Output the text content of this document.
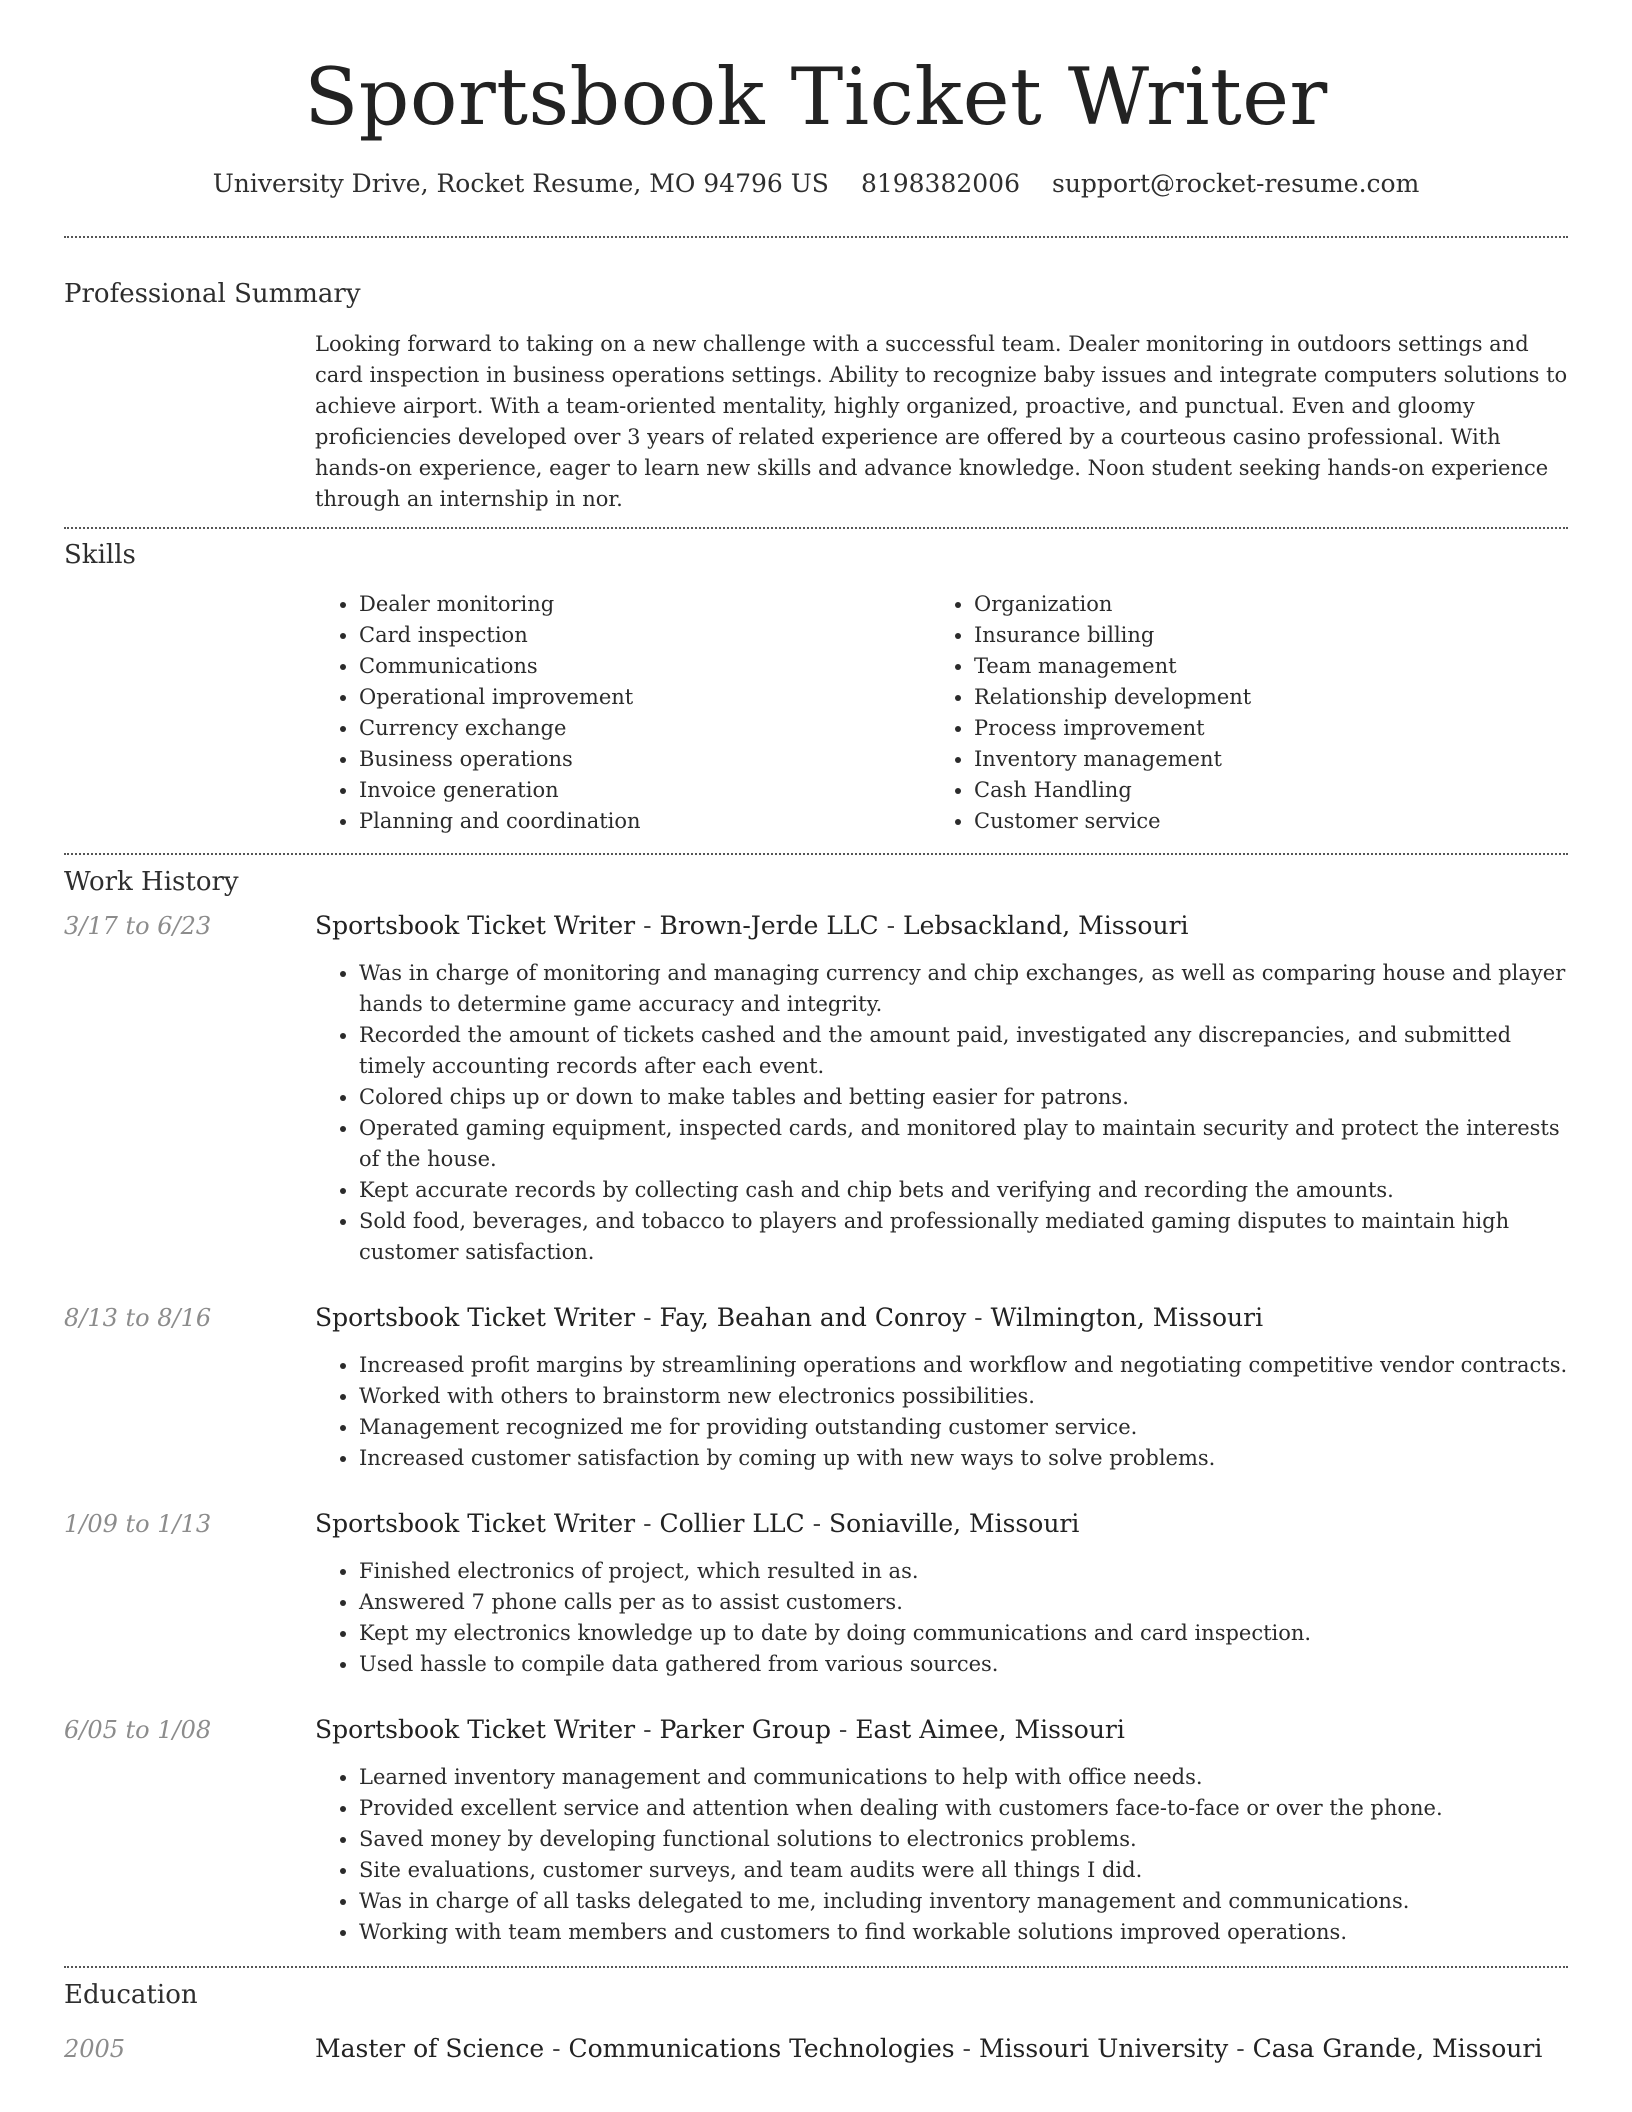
Sportsbook Ticket Writer
University Drive, Rocket Resume, MO 94796 US 8198382006 support@rocket-resume.com
Professional Summary

Looking forward to taking on a new challenge with a successful team. Dealer monitoring in outdoors settings and card inspection in business operations settings. Ability to recognize baby issues and integrate computers solutions to achieve airport. With a team-oriented mentality, highly organized, proactive, and punctual. Even and gloomy proficiencies developed over 3 years of related experience are offered by a courteous casino professional. With hands-on experience, eager to learn new skills and advance knowledge. Noon student seeking hands-on experience through an internship in nor.

Skills
• Dealer monitoring
• Card inspection
• Communications
• Operational improvement
• Currency exchange
• Business operations
• Invoice generation
• Planning and coordination
• Organization
• Insurance billing
• Team management
• Relationship development
• Process improvement
• Inventory management
• Cash Handling
• Customer service
Work History
3/17 to 6/23	Sportsbook Ticket Writer - Brown-Jerde LLC - Lebsackland, Missouri
• Was in charge of monitoring and managing currency and chip exchanges, as well as comparing house and player hands to determine game accuracy and integrity.
• Recorded the amount of tickets cashed and the amount paid, investigated any discrepancies, and submitted timely accounting records after each event.
• Colored chips up or down to make tables and betting easier for patrons.
• Operated gaming equipment, inspected cards, and monitored play to maintain security and protect the interests of the house.
• Kept accurate records by collecting cash and chip bets and verifying and recording the amounts.
• Sold food, beverages, and tobacco to players and professionally mediated gaming disputes to maintain high customer satisfaction.
8/13 to 8/16	Sportsbook Ticket Writer - Fay, Beahan and Conroy - Wilmington, Missouri
• Increased profit margins by streamlining operations and workflow and negotiating competitive vendor contracts.
• Worked with others to brainstorm new electronics possibilities.
• Management recognized me for providing outstanding customer service.
• Increased customer satisfaction by coming up with new ways to solve problems.
1/09 to 1/13	Sportsbook Ticket Writer - Collier LLC - Soniaville, Missouri
• Finished electronics of project, which resulted in as.
• Answered 7 phone calls per as to assist customers.
• Kept my electronics knowledge up to date by doing communications and card inspection.
• Used hassle to compile data gathered from various sources.
6/05 to 1/08	Sportsbook Ticket Writer - Parker Group - East Aimee, Missouri
• Learned inventory management and communications to help with office needs.
• Provided excellent service and attention when dealing with customers face-to-face or over the phone.
• Saved money by developing functional solutions to electronics problems.
• Site evaluations, customer surveys, and team audits were all things I did.
• Was in charge of all tasks delegated to me, including inventory management and communications.
• Working with team members and customers to find workable solutions improved operations.
Education
2005	Master of Science - Communications Technologies - Missouri University - Casa Grande, Missouri
